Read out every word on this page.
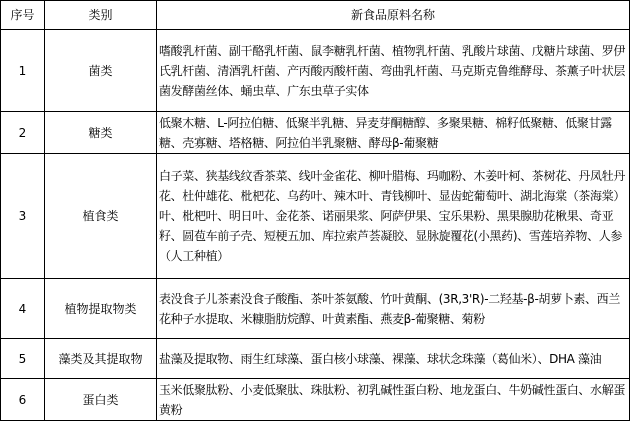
序号	类别	新食品原料名称
1	菌类	嗜酸乳杆菌、副干酪乳杆菌、鼠李糖乳杆菌、植物乳杆菌、乳酸片球菌、戊糖片球菌、罗伊氏乳杆菌、清酒乳杆菌、产丙酸丙酸杆菌、弯曲乳杆菌、马克斯克鲁维酵母、茶薰子叶状层菌发酵菌丝体、蛹虫草、广东虫草子实体
2	糖类	低聚木糖、L-阿拉伯糖、低聚半乳糖、异麦芽酮糖醇、多聚果糖、棉籽低聚糖、低聚甘露糖、壳寡糖、塔格糖、阿拉伯半乳聚糖、酵母β-葡聚糖
3	植食类	白子菜、狭基线纹香茶菜、线叶金雀花、柳叶腊梅、玛咖粉、木姜叶柯、茶树花、丹凤牡丹花、杜仲雄花、枇杷花、乌药叶、辣木叶、青钱柳叶、显齿蛇葡萄叶、湖北海棠（茶海棠）叶、枇杷叶、明日叶、金花茶、诺丽果浆、阿萨伊果、宝乐果粉、黑果腺肋花楸果、奇亚籽、圆苞车前子壳、短梗五加、库拉索芦荟凝胶、显脉旋覆花(小黑药)、雪莲培养物、人参（人工种植）
4	植物提取物类	表没食子儿茶素没食子酸酯、茶叶茶氨酸、竹叶黄酮、(3R,3'R)-二羟基-β-胡萝卜素、西兰花种子水提取、米糠脂肪烷醇、叶黄素酯、燕麦β-葡聚糖、菊粉
5	藻类及其提取物	盐藻及提取物、雨生红球藻、蛋白核小球藻、裸藻、球状念珠藻（葛仙米）、DHA 藻油
6	蛋白类	玉米低聚肽粉、小麦低聚肽、珠肽粉、初乳碱性蛋白粉、地龙蛋白、牛奶碱性蛋白、水解蛋黄粉
